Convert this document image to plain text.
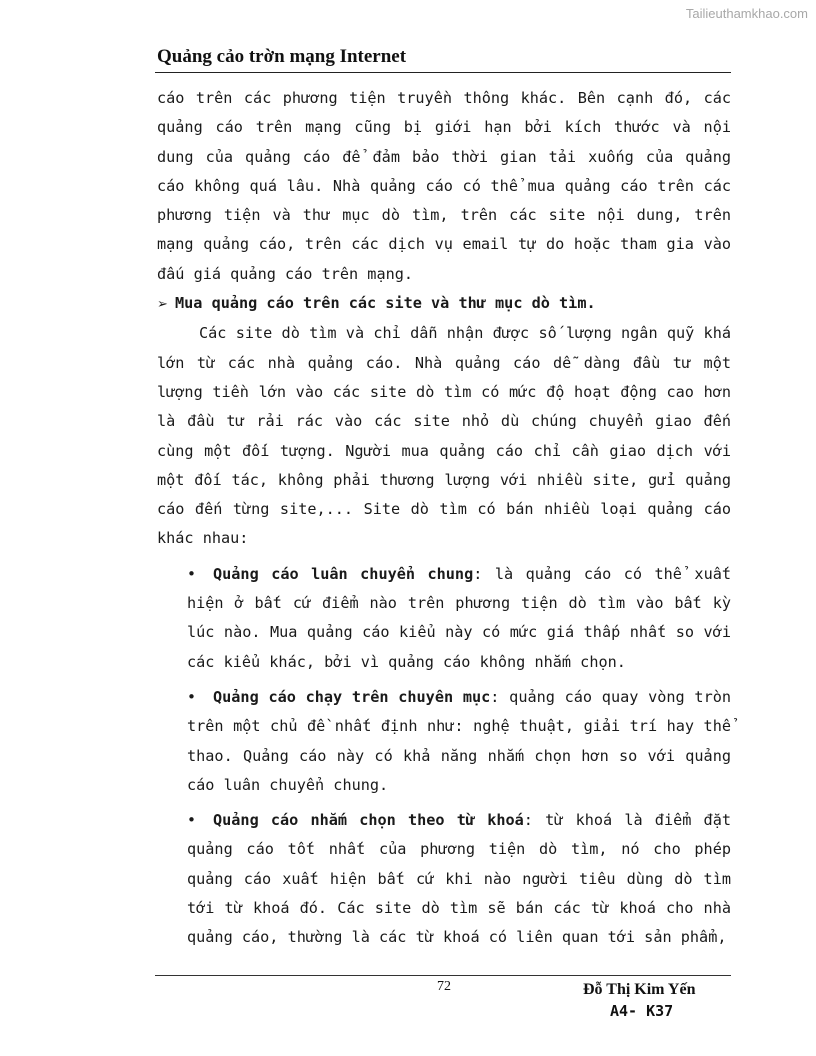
Tailieuthamkhao.com
Quảng cảo trờn mạng Internet

cáo trên các phương tiện truyền thông khác. Bên cạnh đó, các quảng cáo trên mạng cũng bị giới hạn bởi kích thước và nội dung của quảng cáo để đảm bảo thời gian tải xuống của quảng cáo không quá lâu. Nhà quảng cáo có thể mua quảng cáo trên các phương tiện và thư mục dò tìm, trên các site nội dung, trên mạng quảng cáo, trên các dịch vụ email tự do hoặc tham gia vào đấu giá quảng cáo trên mạng.

➢ Mua quảng cáo trên các site và thư mục dò tìm.

Các site dò tìm và chỉ dẫn nhận được số lượng ngân quỹ khá lớn từ các nhà quảng cáo. Nhà quảng cáo dễ dàng đầu tư một lượng tiền lớn vào các site dò tìm có mức độ hoạt động cao hơn là đầu tư rải rác vào các site nhỏ dù chúng chuyển giao đến cùng một đối tượng. Người mua quảng cáo chỉ cần giao dịch với một đối tác, không phải thương lượng với nhiều site, gửi quảng cáo đến từng site,... Site dò tìm có bán nhiều loại quảng cáo khác nhau:

• Quảng cáo luân chuyển chung: là quảng cáo có thể xuất hiện ở bất cứ điểm nào trên phương tiện dò tìm vào bất kỳ lúc nào. Mua quảng cáo kiểu này có mức giá thấp nhất so với các kiểu khác, bởi vì quảng cáo không nhắm chọn.
• Quảng cáo chạy trên chuyên mục: quảng cáo quay vòng tròn trên một chủ đề nhất định như: nghệ thuật, giải trí hay thể thao. Quảng cáo này có khả năng nhắm chọn hơn so với quảng cáo luân chuyển chung.
• Quảng cáo nhắm chọn theo từ khoá: từ khoá là điểm đặt quảng cáo tốt nhất của phương tiện dò tìm, nó cho phép quảng cáo xuất hiện bất cứ khi nào người tiêu dùng dò tìm tới từ khoá đó. Các site dò tìm sẽ bán các từ khoá cho nhà quảng cáo, thường là các từ khoá có liên quan tới sản phẩm,
72	Đỗ Thị Kim Yến
A4- K37
